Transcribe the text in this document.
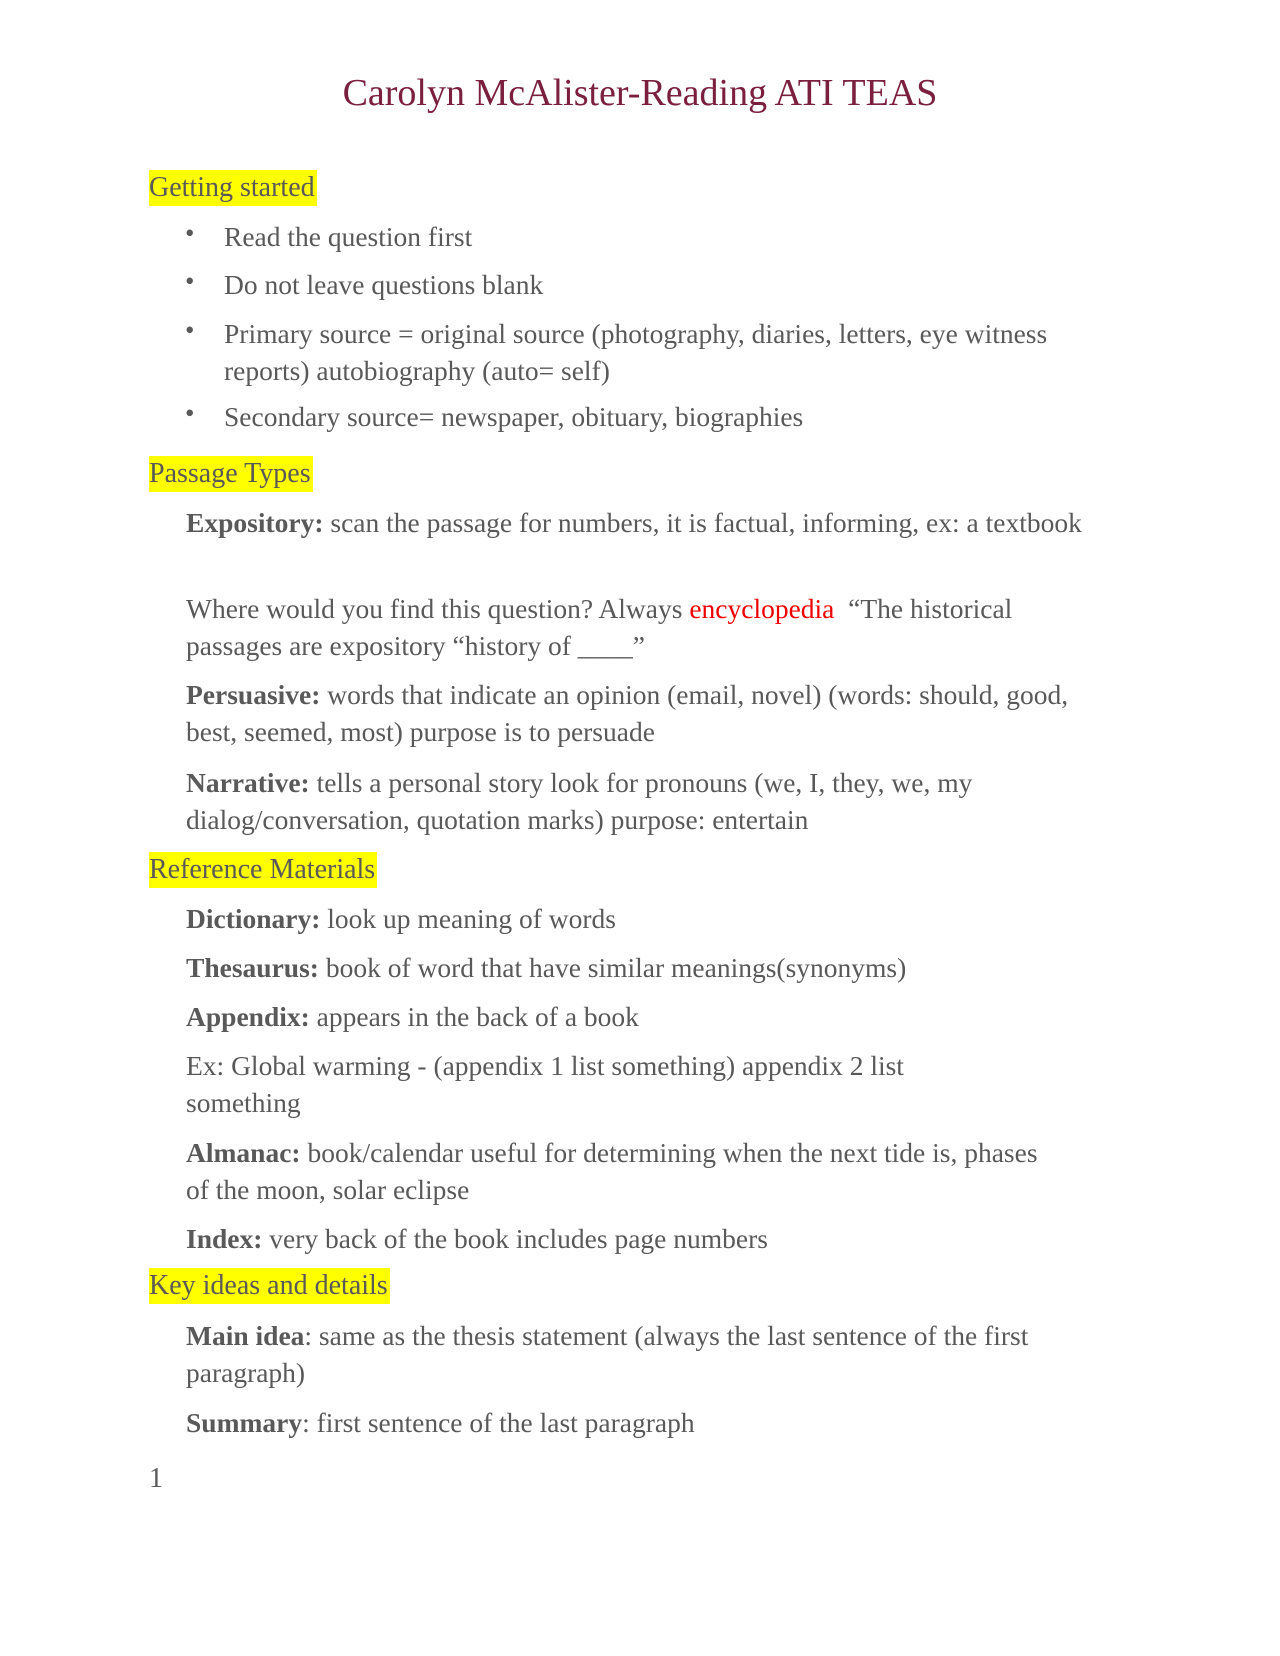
Carolyn McAlister-Reading ATI TEAS
Getting started
• Read the question first
• Do not leave questions blank
• Primary source = original source (photography, diaries, letters, eye witness reports) autobiography (auto= self)
• Secondary source= newspaper, obituary, biographies
Passage Types
Expository: scan the passage for numbers, it is factual, informing, ex: a textbook
Where would you find this question? Always encyclopedia  “The historical passages are expository “history of ____”
Persuasive: words that indicate an opinion (email, novel) (words: should, good, best, seemed, most) purpose is to persuade
Narrative: tells a personal story look for pronouns (we, I, they, we, my dialog/conversation, quotation marks) purpose: entertain
Reference Materials
Dictionary: look up meaning of words
Thesaurus: book of word that have similar meanings(synonyms)
Appendix: appears in the back of a book
Ex: Global warming - (appendix 1 list something) appendix 2 list something
Almanac: book/calendar useful for determining when the next tide is, phases of the moon, solar eclipse
Index: very back of the book includes page numbers
Key ideas and details
Main idea: same as the thesis statement (always the last sentence of the first paragraph)
Summary: first sentence of the last paragraph
1
